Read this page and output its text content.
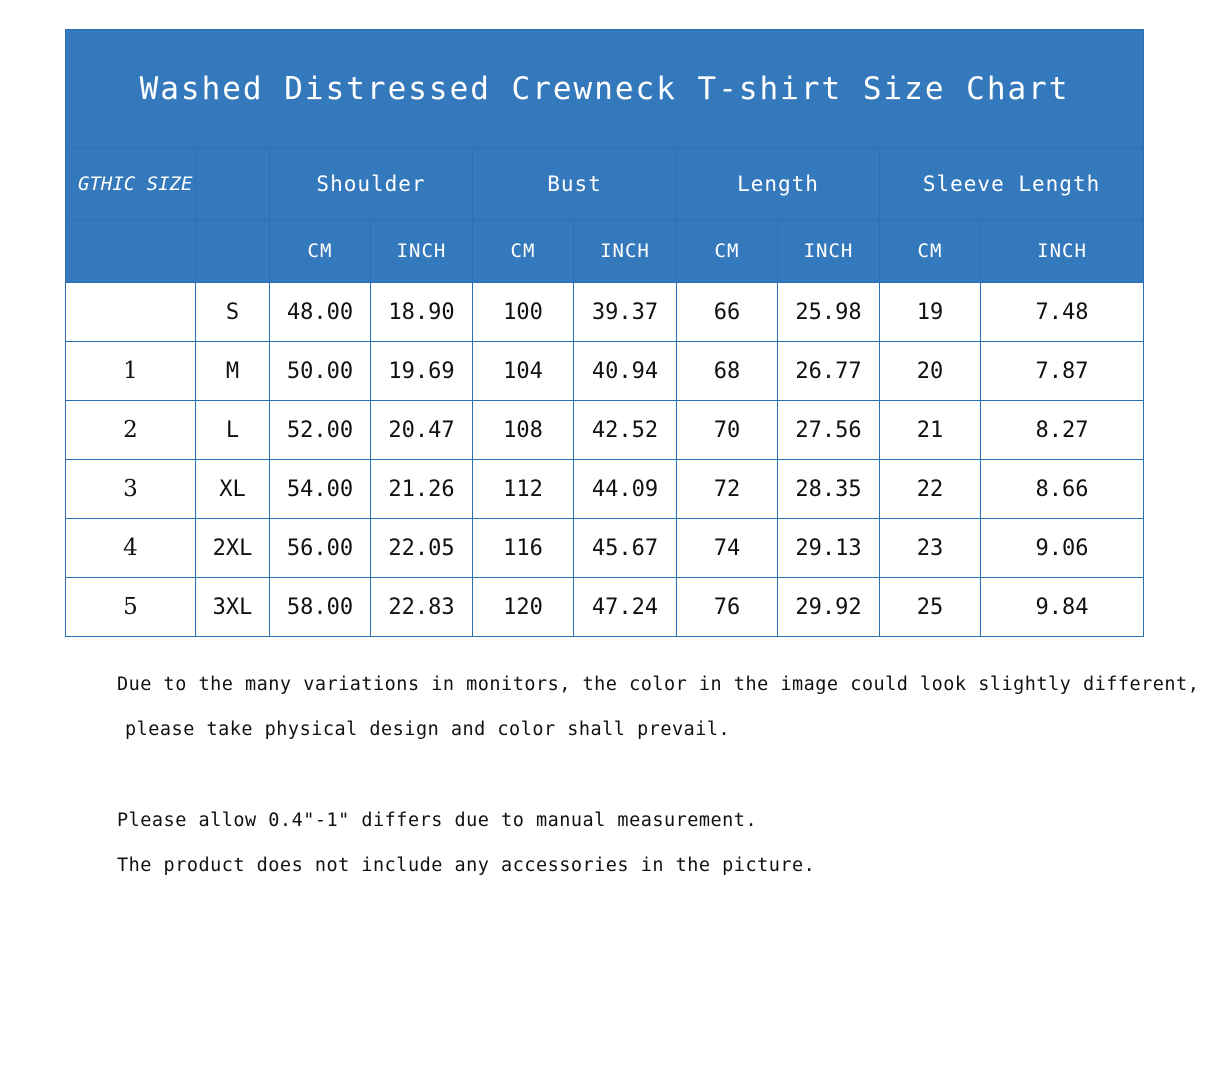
Washed Distressed Crewneck T-shirt Size Chart									
GTHIC SIZE		Shoulder		Bust		Length		Sleeve Length	
		CM	INCH	CM	INCH	CM	INCH	CM	INCH
	S	48.00	18.90	100	39.37	66	25.98	19	7.48
1	M	50.00	19.69	104	40.94	68	26.77	20	7.87
2	L	52.00	20.47	108	42.52	70	27.56	21	8.27
3	XL	54.00	21.26	112	44.09	72	28.35	22	8.66
4	2XL	56.00	22.05	116	45.67	74	29.13	23	9.06
5	3XL	58.00	22.83	120	47.24	76	29.92	25	9.84
Due to the many variations in monitors, the color in the image could look slightly different,
please take physical design and color shall prevail.
Please allow 0.4"-1" differs due to manual measurement.
The product does not include any accessories in the picture.
